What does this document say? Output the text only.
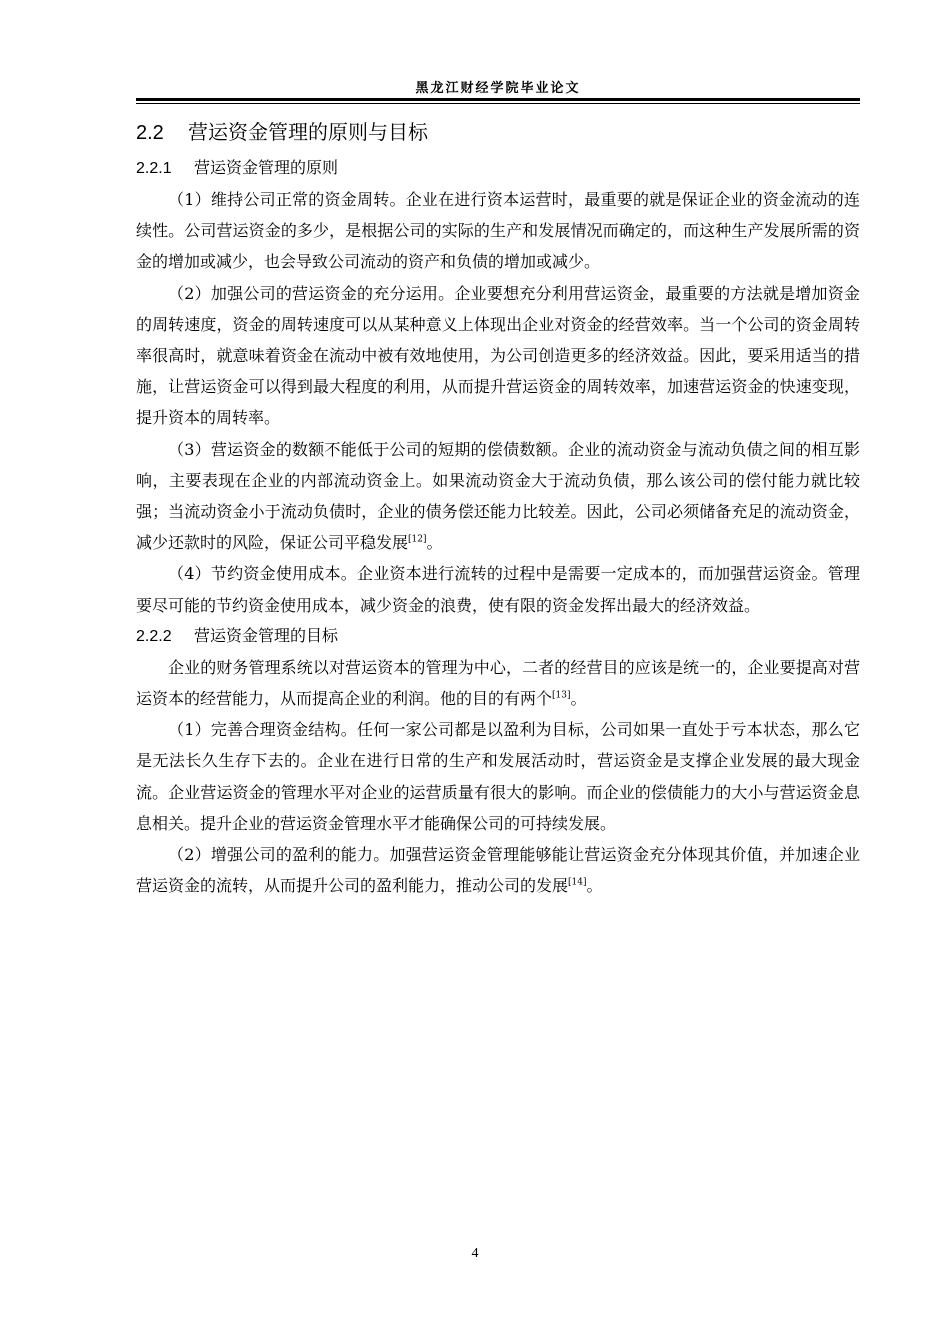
黑龙江财经学院毕业论文
2.2 营运资金管理的原则与目标
2.2.1 营运资金管理的原则

（1）维持公司正常的资金周转。企业在进行资本运营时，最重要的就是保证企业的资金流动的连续性。公司营运资金的多少，是根据公司的实际的生产和发展情况而确定的，而这种生产发展所需的资金的增加或减少，也会导致公司流动的资产和负债的增加或减少。

（2）加强公司的营运资金的充分运用。企业要想充分利用营运资金，最重要的方法就是增加资金的周转速度，资金的周转速度可以从某种意义上体现出企业对资金的经营效率。当一个公司的资金周转率很高时，就意味着资金在流动中被有效地使用，为公司创造更多的经济效益。因此，要采用适当的措施，让营运资金可以得到最大程度的利用，从而提升营运资金的周转效率，加速营运资金的快速变现，提升资本的周转率。

（3）营运资金的数额不能低于公司的短期的偿债数额。企业的流动资金与流动负债之间的相互影响，主要表现在企业的内部流动资金上。如果流动资金大于流动负债，那么该公司的偿付能力就比较强；当流动资金小于流动负债时，企业的债务偿还能力比较差。因此，公司必须储备充足的流动资金，减少还款时的风险，保证公司平稳发展[12]。

（4）节约资金使用成本。企业资本进行流转的过程中是需要一定成本的，而加强营运资金。管理要尽可能的节约资金使用成本，减少资金的浪费，使有限的资金发挥出最大的经济效益。

2.2.2 营运资金管理的目标

企业的财务管理系统以对营运资本的管理为中心，二者的经营目的应该是统一的，企业要提高对营运资本的经营能力，从而提高企业的利润。他的目的有两个[13]。

（1）完善合理资金结构。任何一家公司都是以盈利为目标，公司如果一直处于亏本状态，那么它是无法长久生存下去的。企业在进行日常的生产和发展活动时，营运资金是支撑企业发展的最大现金流。企业营运资金的管理水平对企业的运营质量有很大的影响。而企业的偿债能力的大小与营运资金息息相关。提升企业的营运资金管理水平才能确保公司的可持续发展。

（2）增强公司的盈利的能力。加强营运资金管理能够能让营运资金充分体现其价值，并加速企业营运资金的流转，从而提升公司的盈利能力，推动公司的发展[14]。

4
